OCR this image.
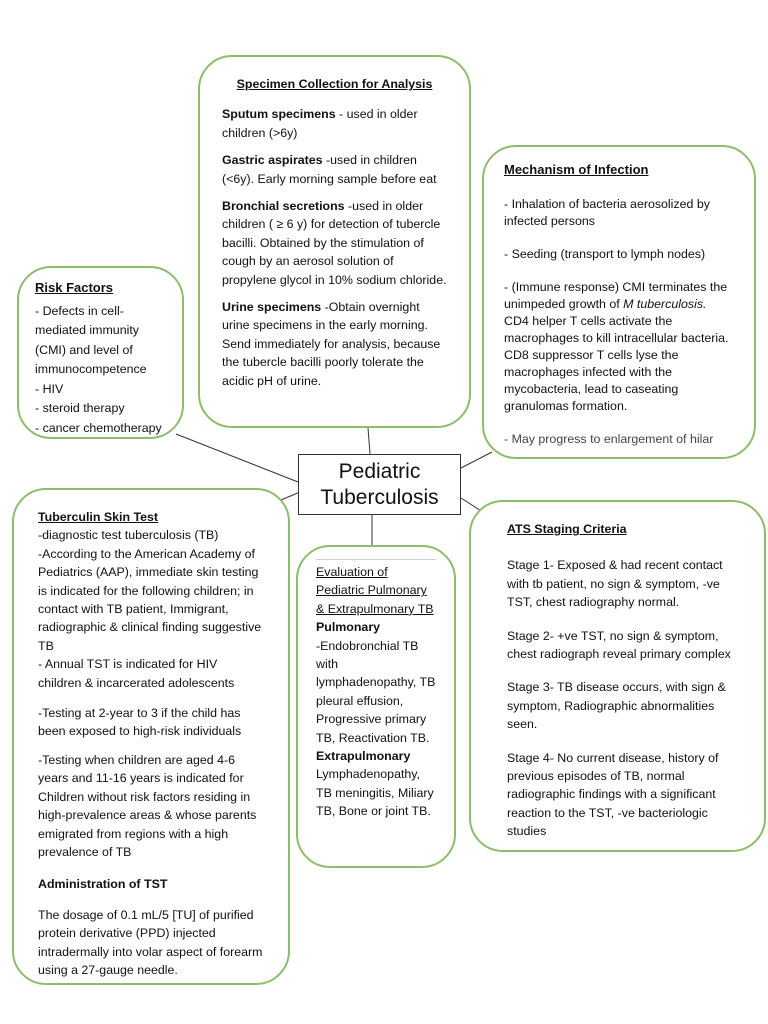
Pediatric
Tuberculosis

Specimen Collection for Analysis

Sputum specimens - used in older children (>6y)

Gastric aspirates -used in children (<6y). Early morning sample before eat

Bronchial secretions -used in older children ( ≥ 6 y) for detection of tubercle bacilli. Obtained by the stimulation of cough by an aerosol solution of propylene glycol in 10% sodium chloride.

Urine specimens -Obtain overnight urine specimens in the early morning. Send immediately for analysis, because the tubercle bacilli poorly tolerate the acidic pH of urine.

Mechanism of Infection

- Inhalation of bacteria aerosolized by infected persons

- Seeding (transport to lymph nodes)

- (Immune response) CMI terminates the unimpeded growth of M tuberculosis. CD4 helper T cells activate the macrophages to kill intracellular bacteria. CD8 suppressor T cells lyse the macrophages infected with the mycobacteria, lead to caseating granulomas formation.

- May progress to enlargement of hilar

Risk Factors
- Defects in cell-mediated immunity (CMI) and level of immunocompetence
- HIV
- steroid therapy
- cancer chemotherapy

Tuberculin Skin Test
-diagnostic test tuberculosis (TB)
-According to the American Academy of Pediatrics (AAP), immediate skin testing is indicated for the following children; in contact with TB patient, Immigrant, radiographic & clinical finding suggestive TB
- Annual TST is indicated for HIV children & incarcerated adolescents

-Testing at 2-year to 3 if the child has been exposed to high-risk individuals

-Testing when children are aged 4-6 years and 11-16 years is indicated for Children without risk factors residing in high-prevalence areas & whose parents emigrated from regions with a high prevalence of TB

Administration of TST

The dosage of 0.1 mL/5 [TU] of purified protein derivative (PPD) injected intradermally into volar aspect of forearm using a 27-gauge needle.

Evaluation of Pediatric Pulmonary & Extrapulmonary TB
Pulmonary
-Endobronchial TB with lymphadenopathy, TB pleural effusion, Progressive primary TB, Reactivation TB.
Extrapulmonary
Lymphadenopathy, TB meningitis, Miliary TB, Bone or joint TB.

ATS Staging Criteria

Stage 1- Exposed & had recent contact with tb patient, no sign & symptom, -ve TST, chest radiography normal.

Stage 2- +ve TST, no sign & symptom, chest radiograph reveal primary complex

Stage 3- TB disease occurs, with sign & symptom, Radiographic abnormalities seen.

Stage 4- No current disease, history of previous episodes of TB, normal radiographic findings with a significant reaction to the TST, -ve bacteriologic studies
